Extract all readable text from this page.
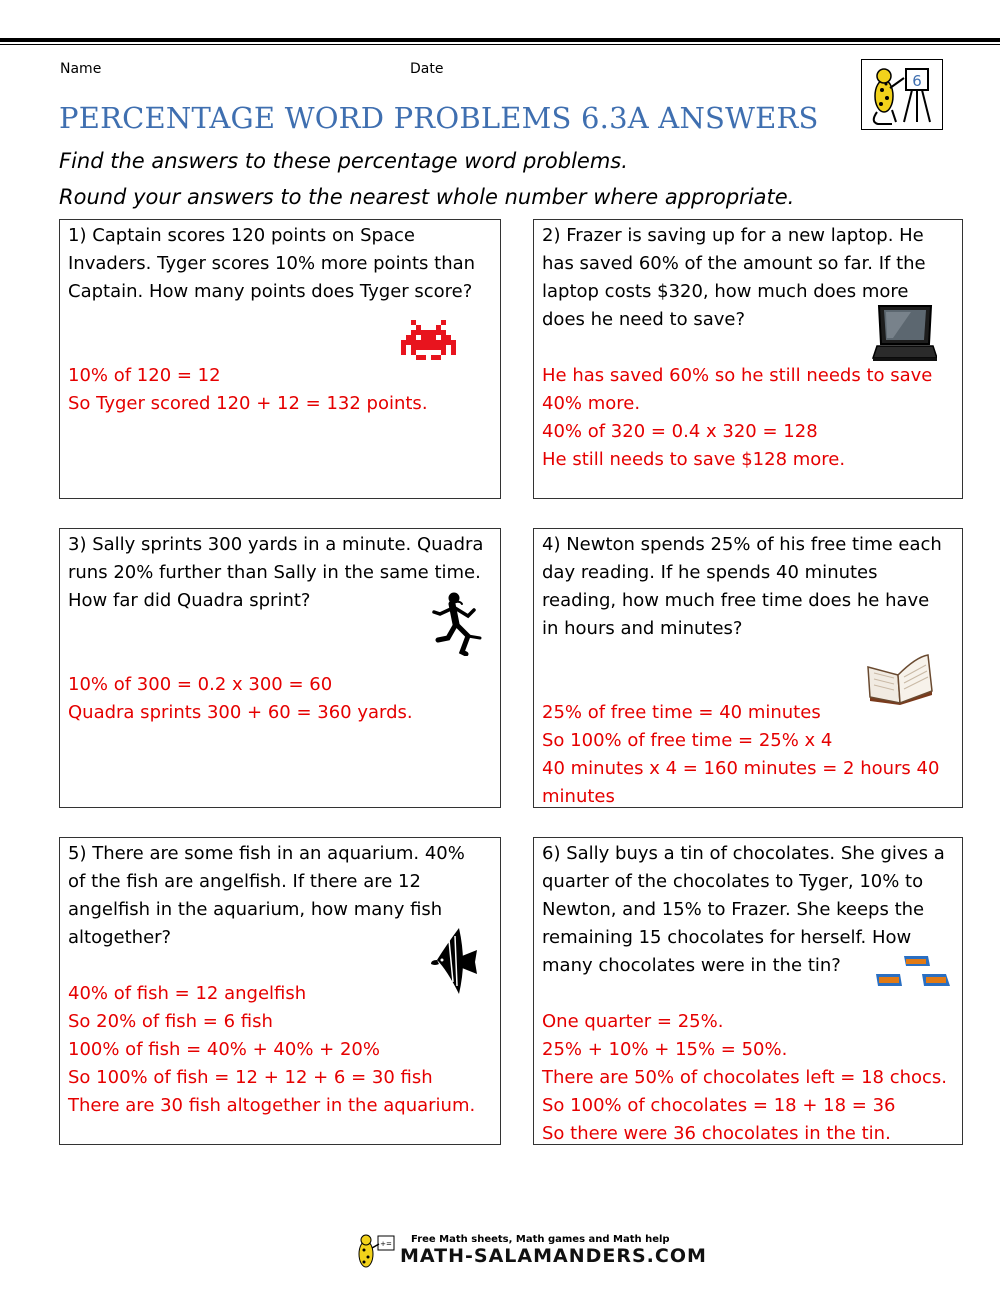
Name	Date
6
PERCENTAGE WORD PROBLEMS 6.3A ANSWERS
Find the answers to these percentage word problems.
Round your answers to the nearest whole number where appropriate.

1) Captain scores 120 points on Space

Invaders. Tyger scores 10% more points than

Captain. How many points does Tyger score?

10% of 120 = 12

So Tyger scored 120 + 12 = 132 points.

2) Frazer is saving up for a new laptop. He

has saved 60% of the amount so far. If the

laptop costs $320, how much does more

does he need to save?

He has saved 60% so he still needs to save

40% more.

40% of 320 = 0.4 x 320 = 128

He still needs to save $128 more.

3) Sally sprints 300 yards in a minute. Quadra

runs 20% further than Sally in the same time.

How far did Quadra sprint?

10% of 300 = 0.2 x 300 = 60

Quadra sprints 300 + 60 = 360 yards.

4) Newton spends 25% of his free time each

day reading. If he spends 40 minutes

reading, how much free time does he have

in hours and minutes?

25% of free time = 40 minutes

So 100% of free time = 25% x 4

40 minutes x 4 = 160 minutes = 2 hours 40

minutes

5) There are some fish in an aquarium. 40%

of the fish are angelfish. If there are 12

angelfish in the aquarium, how many fish

altogether?

40% of fish = 12 angelfish

So 20% of fish = 6 fish

100% of fish = 40% + 40% + 20%

So 100% of fish = 12 + 12 + 6 = 30 fish

There are 30 fish altogether in the aquarium.

6) Sally buys a tin of chocolates. She gives a

quarter of the chocolates to Tyger, 10% to

Newton, and 15% to Frazer. She keeps the

remaining 15 chocolates for herself. How

many chocolates were in the tin?

One quarter = 25%.

25% + 10% + 15% = 50%.

There are 50% of chocolates left = 18 chocs.

So 100% of chocolates = 18 + 18 = 36

So there were 36 chocolates in the tin.

+= Free Math sheets, Math games and Math help
MATH-SALAMANDERS.COM
